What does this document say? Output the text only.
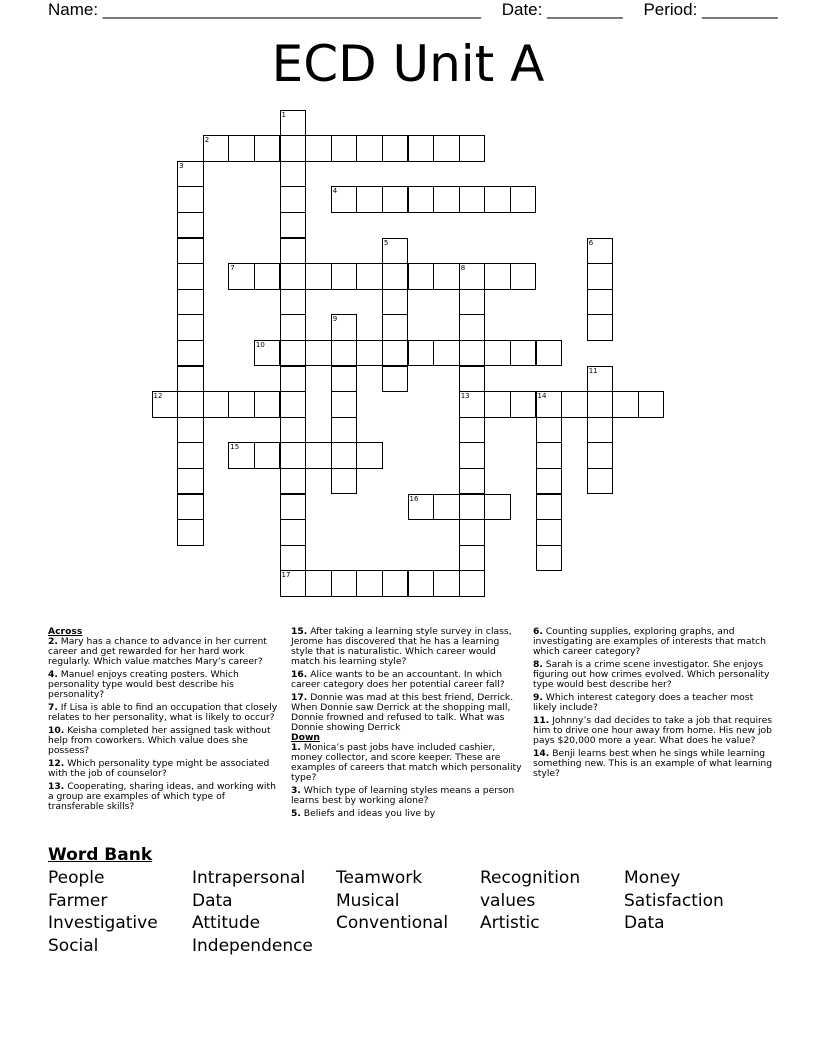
Name: ________________________________________ Date: ________ Period: ________
ECD Unit A
1
17
2
3
4
5	6
7	8
13
9
10
11
12	14
15
16
Across
2. Mary has a chance to advance in her current career and get rewarded for her hard work regularly. Which value matches Mary’s career?
4. Manuel enjoys creating posters. Which personality type would best describe his personality?
7. If Lisa is able to find an occupation that closely relates to her personality, what is likely to occur?
10. Keisha completed her assigned task without help from coworkers. Which value does she possess?
12. Which personality type might be associated with the job of counselor?
13. Cooperating, sharing ideas, and working with a group are examples of which type of transferable skills?
15. After taking a learning style survey in class, Jerome has discovered that he has a learning style that is naturalistic. Which career would match his learning style?
16. Alice wants to be an accountant. In which career category does her potential career fall?
17. Donnie was mad at this best friend, Derrick. When Donnie saw Derrick at the shopping mall, Donnie frowned and refused to talk. What was Donnie showing Derrick
Down
1. Monica’s past jobs have included cashier, money collector, and score keeper. These are examples of careers that match which personality type?
3. Which type of learning styles means a person learns best by working alone?
5. Beliefs and ideas you live by
6. Counting supplies, exploring graphs, and investigating are examples of interests that match which career category?
8. Sarah is a crime scene investigator. She enjoys figuring out how crimes evolved. Which personality type would best describe her?
9. Which interest category does a teacher most likely include?
11. Johnny’s dad decides to take a job that requires him to drive one hour away from home. His new job pays $20,000 more a year. What does he value?
14. Benji learns best when he sings while learning something new. This is an example of what learning style?
Word Bank
People
Farmer
Investigative
Social
Intrapersonal
Data
Attitude
Independence
Teamwork
Musical
Conventional
Recognition
values
Artistic
Money
Satisfaction
Data
